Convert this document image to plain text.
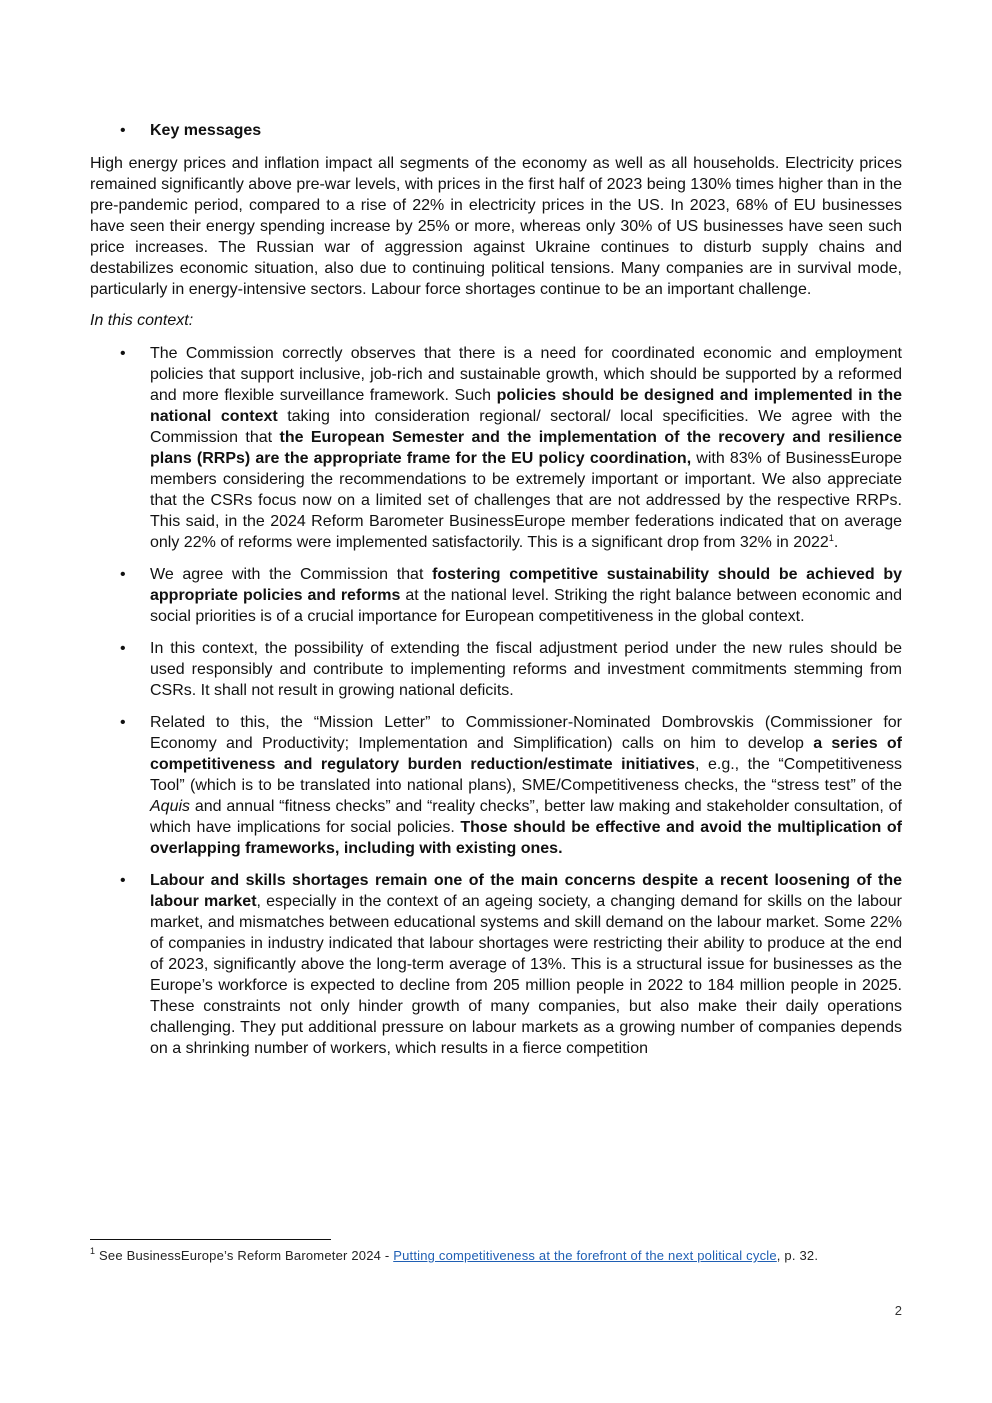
•	Key messages

High energy prices and inflation impact all segments of the economy as well as all households. Electricity prices remained significantly above pre-war levels, with prices in the first half of 2023 being 130% times higher than in the pre-pandemic period, compared to a rise of 22% in electricity prices in the US. In 2023, 68% of EU businesses have seen their energy spending increase by 25% or more, whereas only 30% of US businesses have seen such price increases. The Russian war of aggression against Ukraine continues to disturb supply chains and destabilizes economic situation, also due to continuing political tensions. Many companies are in survival mode, particularly in energy-intensive sectors. Labour force shortages continue to be an important challenge.

In this context:

•	The Commission correctly observes that there is a need for coordinated economic and employment policies that support inclusive, job-rich and sustainable growth, which should be supported by a reformed and more flexible surveillance framework. Such policies should be designed and implemented in the national context taking into consideration regional/ sectoral/ local specificities. We agree with the Commission that the European Semester and the implementation of the recovery and resilience plans (RRPs) are the appropriate frame for the EU policy coordination, with 83% of BusinessEurope members considering the recommendations to be extremely important or important. We also appreciate that the CSRs focus now on a limited set of challenges that are not addressed by the respective RRPs. This said, in the 2024 Reform Barometer BusinessEurope member federations indicated that on average only 22% of reforms were implemented satisfactorily. This is a significant drop from 32% in 2022$^1$.
•	We agree with the Commission that fostering competitive sustainability should be achieved by appropriate policies and reforms at the national level. Striking the right balance between economic and social priorities is of a crucial importance for European competitiveness in the global context.
•	In this context, the possibility of extending the fiscal adjustment period under the new rules should be used responsibly and contribute to implementing reforms and investment commitments stemming from CSRs. It shall not result in growing national deficits.
•	Related to this, the “Mission Letter” to Commissioner-Nominated Dombrovskis (Commissioner for Economy and Productivity; Implementation and Simplification) calls on him to develop a series of competitiveness and regulatory burden reduction/estimate initiatives, e.g., the “Competitiveness Tool” (which is to be translated into national plans), SME/Competitiveness checks, the “stress test” of the Aquis and annual “fitness checks” and “reality checks”, better law making and stakeholder consultation, of which have implications for social policies. Those should be effective and avoid the multiplication of overlapping frameworks, including with existing ones.
•	Labour and skills shortages remain one of the main concerns despite a recent loosening of the labour market, especially in the context of an ageing society, a changing demand for skills on the labour market, and mismatches between educational systems and skill demand on the labour market. Some 22% of companies in industry indicated that labour shortages were restricting their ability to produce at the end of 2023, significantly above the long-term average of 13%. This is a structural issue for businesses as the Europe’s workforce is expected to decline from 205 million people in 2022 to 184 million people in 2025. These constraints not only hinder growth of many companies, but also make their daily operations challenging. They put additional pressure on labour markets as a growing number of companies depends on a shrinking number of workers, which results in a fierce competition
$^1$ See BusinessEurope’s Reform Barometer 2024 - Putting competitiveness at the forefront of the next political cycle, p. 32.
2
